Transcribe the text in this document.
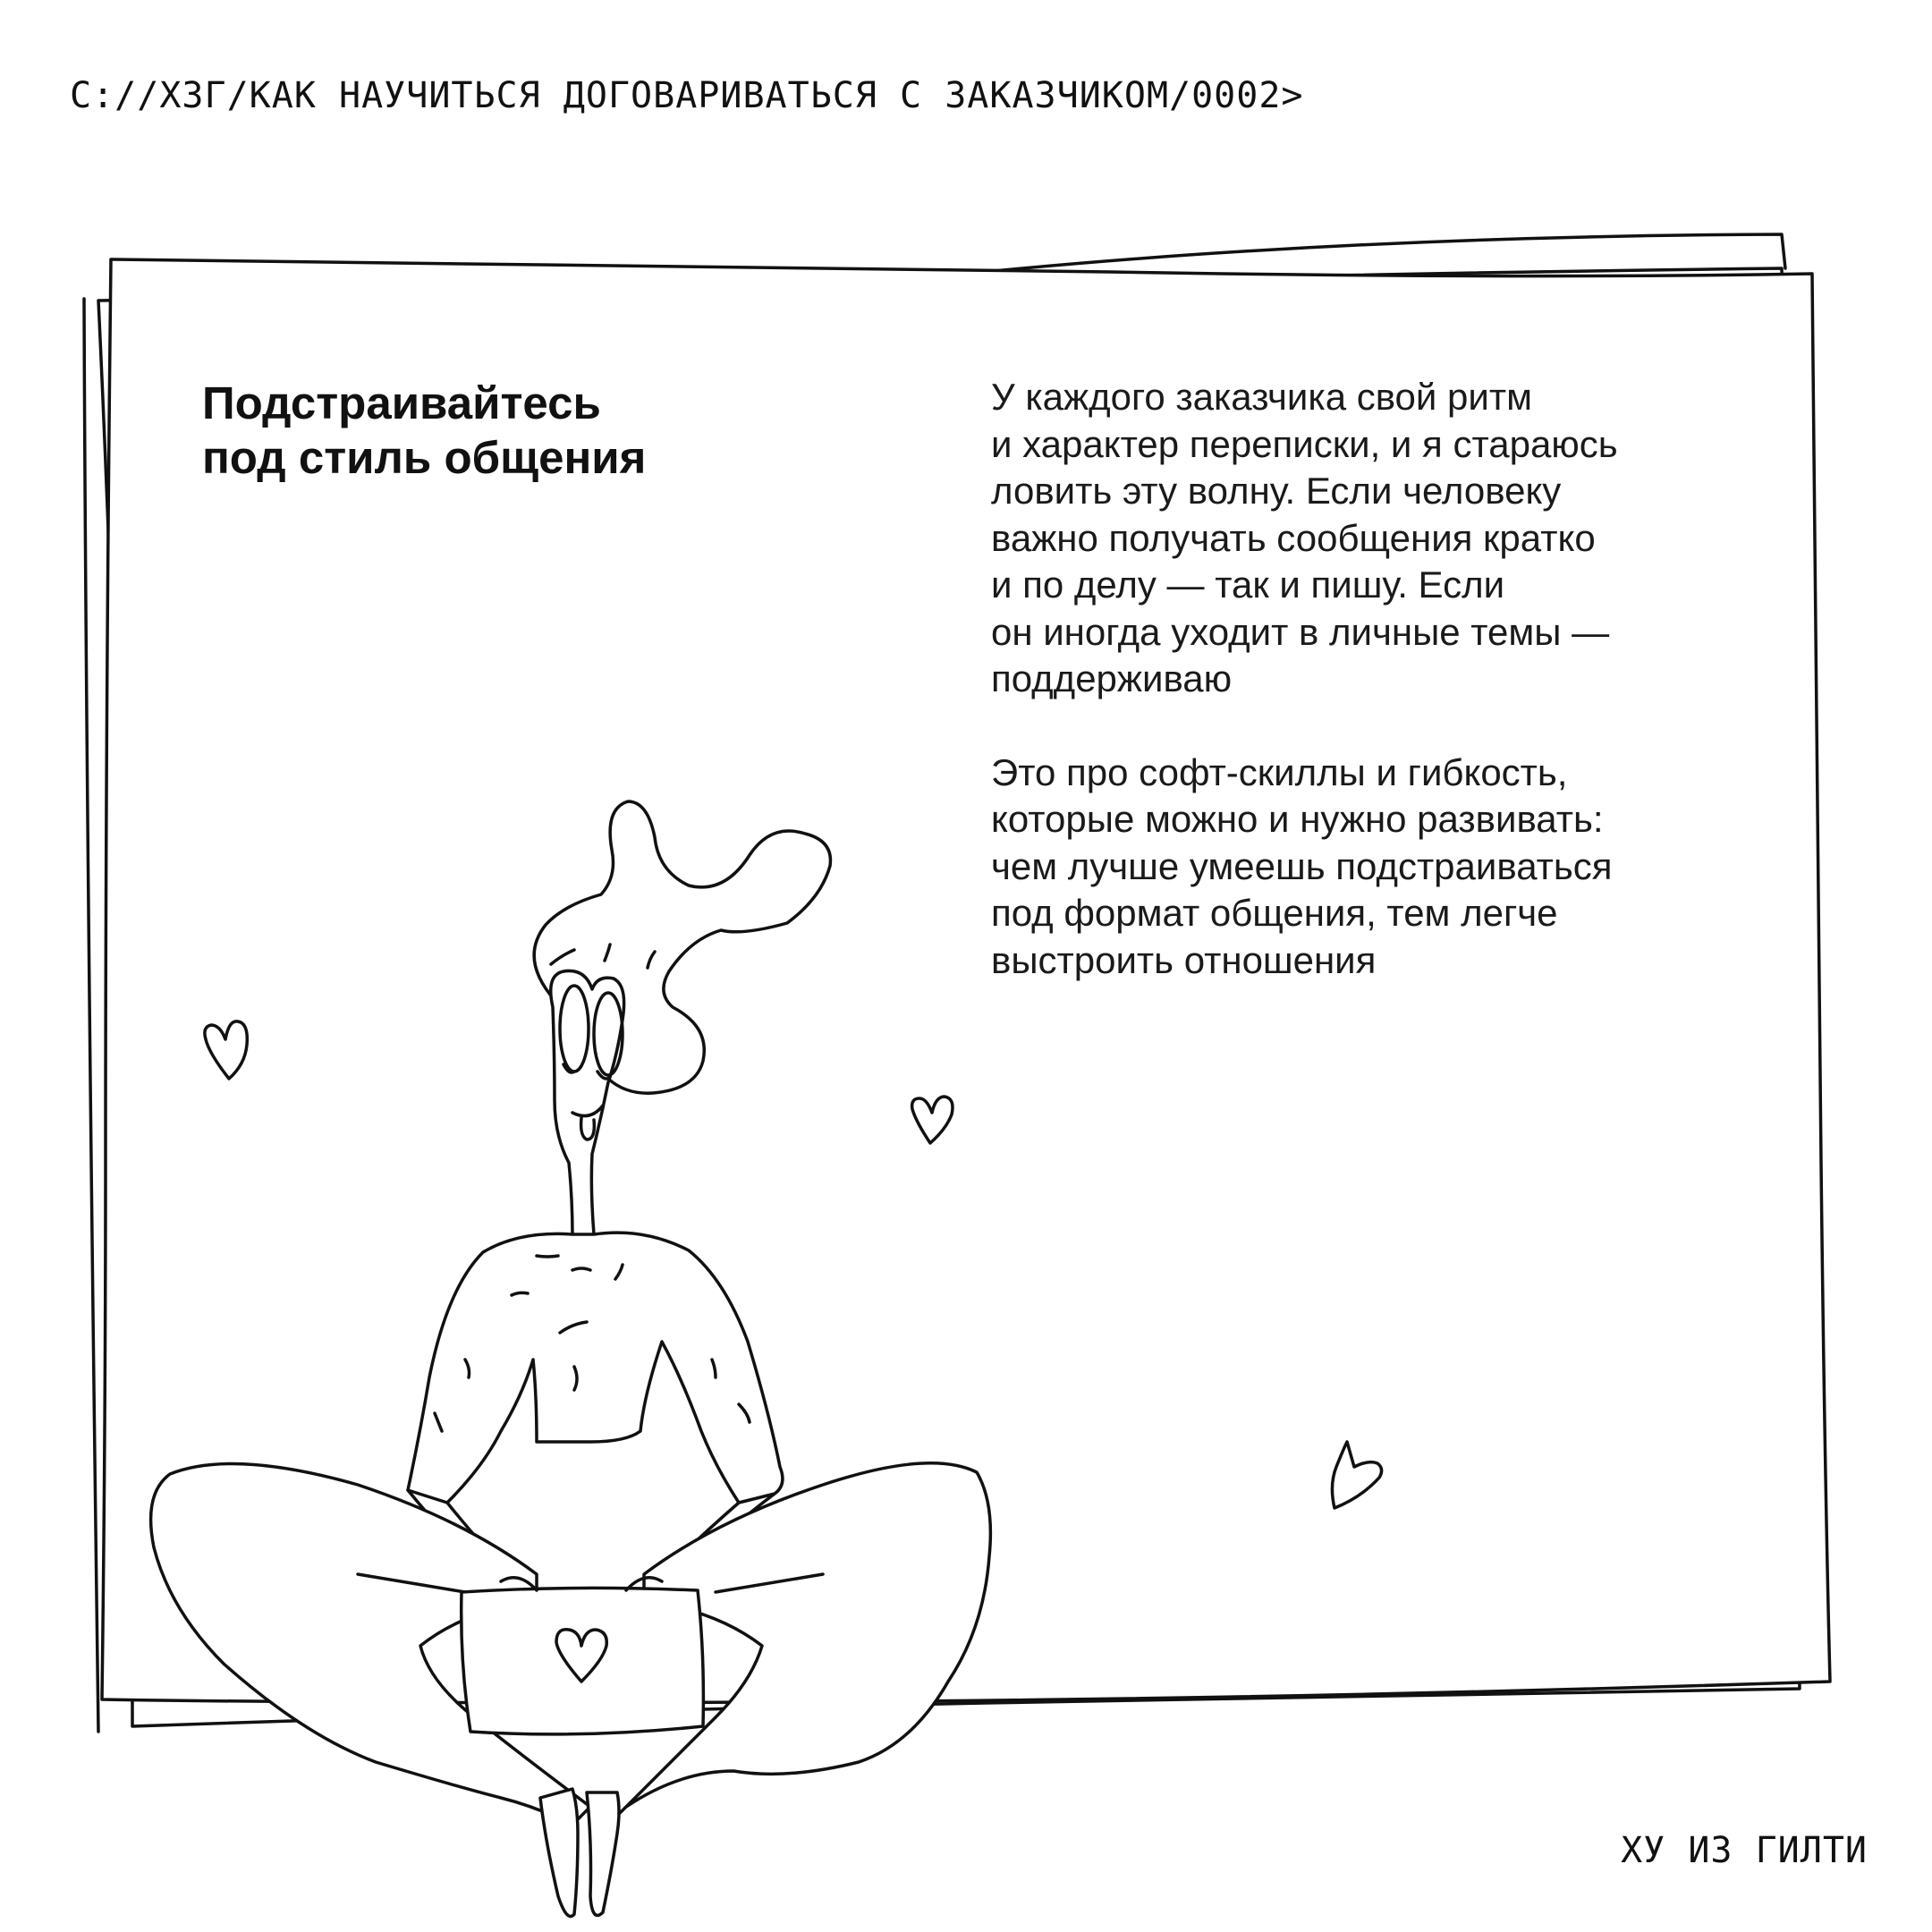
C://ХЗГ/КАК НАУЧИТЬСЯ ДОГОВАРИВАТЬСЯ С ЗАКАЗЧИКОМ/0002>
Подстраивайтесь
под стиль общения

У каждого заказчика свой ритм
и характер переписки, и я стараюсь
ловить эту волну. Если человеку
важно получать сообщения кратко
и по делу — так и пишу. Если
он иногда уходит в личные темы —
поддерживаю

Это про софт-скиллы и гибкость,
которые можно и нужно развивать:
чем лучше умеешь подстраиваться
под формат общения, тем легче
выстроить отношения

ХУ ИЗ ГИЛТИ
